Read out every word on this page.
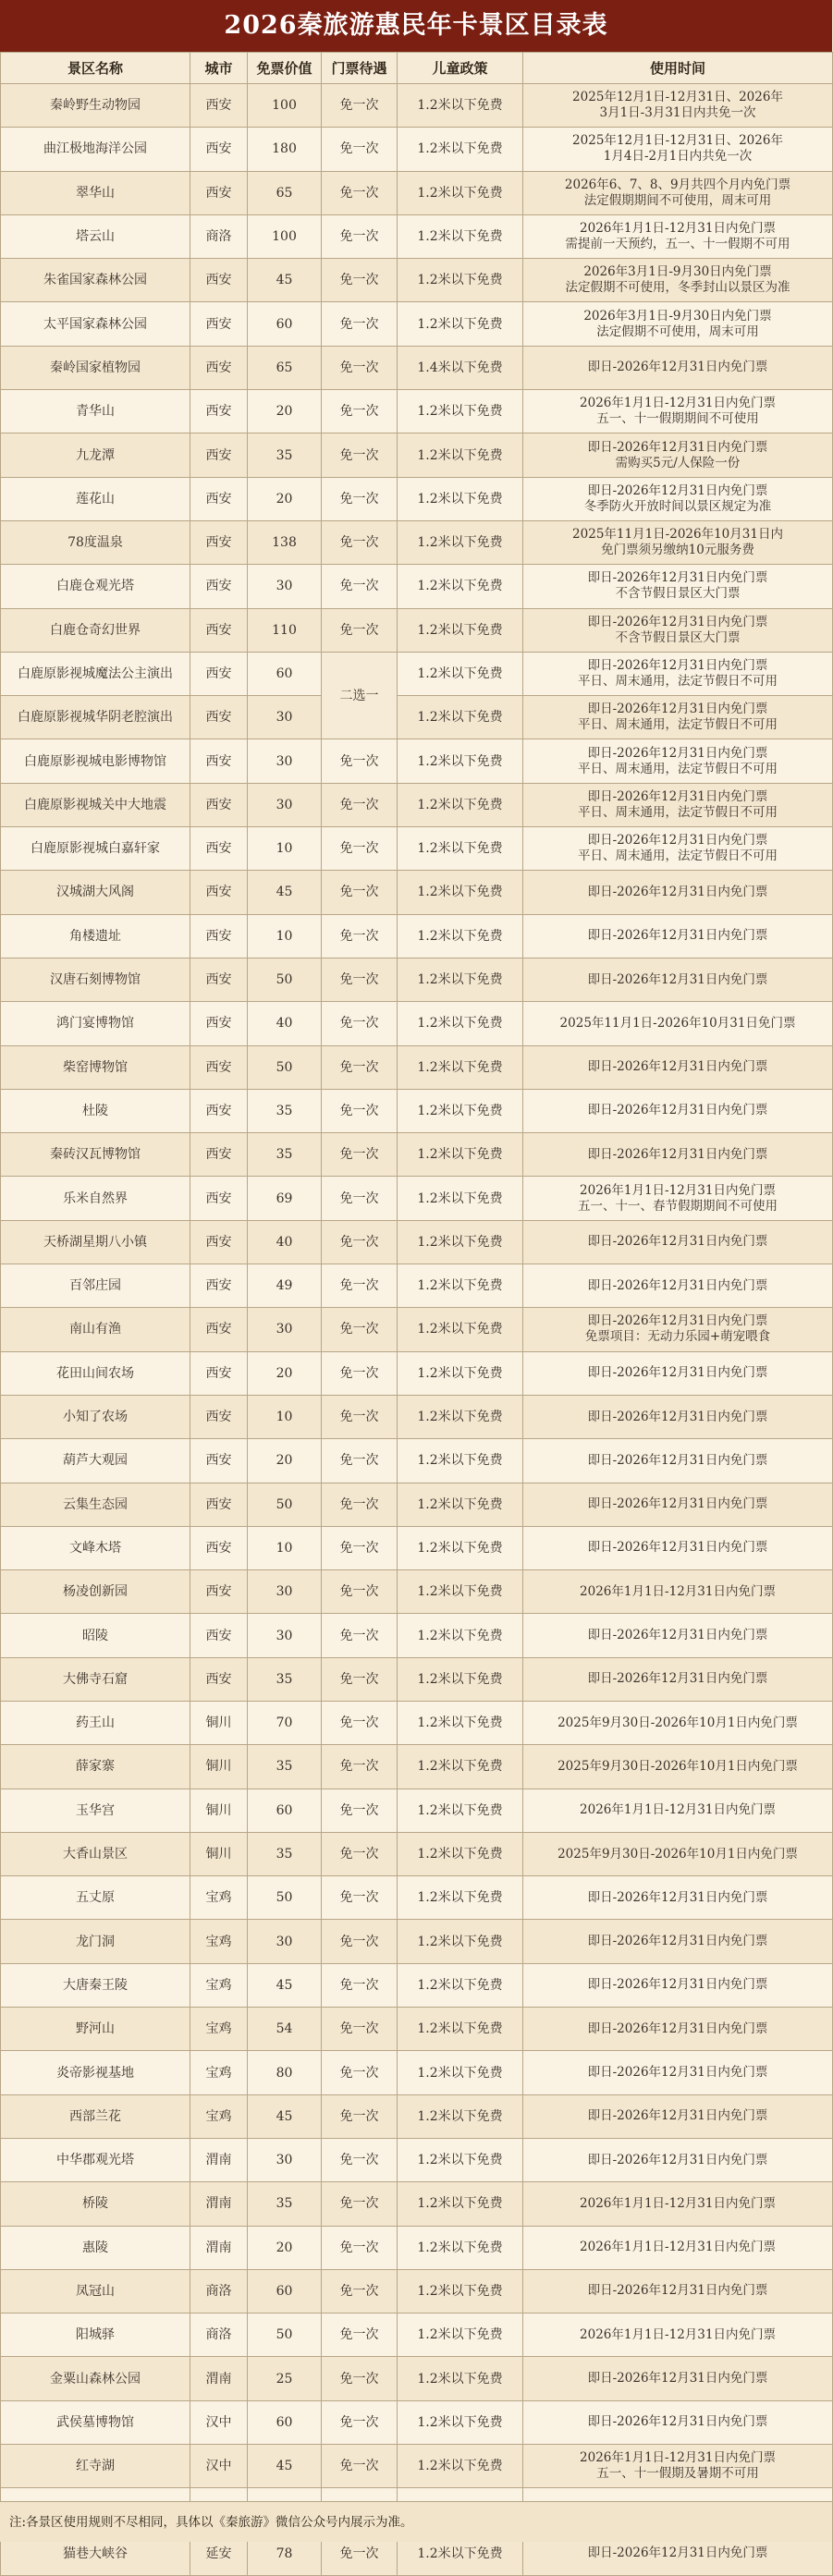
2026秦旅游惠民年卡景区目录表
景区名称	城市	免票价值	门票待遇	儿童政策	使用时间
秦岭野生动物园	西安	100	免一次	1.2米以下免费	2025年12月1日-12月31日、2026年
3月1日-3月31日内共免一次

曲江极地海洋公园	西安	180	免一次	1.2米以下免费	2025年12月1日-12月31日、2026年
1月4日-2月1日内共免一次

翠华山	西安	65	免一次	1.2米以下免费	2026年6、7、8、9月共四个月内免门票
法定假期期间不可使用，周末可用

塔云山	商洛	100	免一次	1.2米以下免费	2026年1月1日-12月31日内免门票
需提前一天预约，五一、十一假期不可用

朱雀国家森林公园	西安	45	免一次	1.2米以下免费	2026年3月1日-9月30日内免门票
法定假期不可使用，冬季封山以景区为准

太平国家森林公园	西安	60	免一次	1.2米以下免费	2026年3月1日-9月30日内免门票
法定假期不可使用，周末可用

秦岭国家植物园	西安	65	免一次	1.4米以下免费	即日-2026年12月31日内免门票

青华山	西安	20	免一次	1.2米以下免费	2026年1月1日-12月31日内免门票
五一、十一假期期间不可使用

九龙潭	西安	35	免一次	1.2米以下免费	即日-2026年12月31日内免门票
需购买5元/人保险一份

莲花山	西安	20	免一次	1.2米以下免费	即日-2026年12月31日内免门票
冬季防火开放时间以景区规定为准

78度温泉	西安	138	免一次	1.2米以下免费	2025年11月1日-2026年10月31日内
免门票须另缴纳10元服务费

白鹿仓观光塔	西安	30	免一次	1.2米以下免费	即日-2026年12月31日内免门票
不含节假日景区大门票

白鹿仓奇幻世界	西安	110	免一次	1.2米以下免费	即日-2026年12月31日内免门票
不含节假日景区大门票

白鹿原影视城魔法公主演出	西安	60	二选一	1.2米以下免费	即日-2026年12月31日内免门票
平日、周末通用，法定节假日不可用

白鹿原影视城华阴老腔演出	西安	30		1.2米以下免费	即日-2026年12月31日内免门票
平日、周末通用，法定节假日不可用

白鹿原影视城电影博物馆	西安	30	免一次	1.2米以下免费	即日-2026年12月31日内免门票
平日、周末通用，法定节假日不可用

白鹿原影视城关中大地震	西安	30	免一次	1.2米以下免费	即日-2026年12月31日内免门票
平日、周末通用，法定节假日不可用

白鹿原影视城白嘉轩家	西安	10	免一次	1.2米以下免费	即日-2026年12月31日内免门票
平日、周末通用，法定节假日不可用

汉城湖大风阁	西安	45	免一次	1.2米以下免费	即日-2026年12月31日内免门票

角楼遗址	西安	10	免一次	1.2米以下免费	即日-2026年12月31日内免门票

汉唐石刻博物馆	西安	50	免一次	1.2米以下免费	即日-2026年12月31日内免门票

鸿门宴博物馆	西安	40	免一次	1.2米以下免费	2025年11月1日-2026年10月31日免门票

柴窑博物馆	西安	50	免一次	1.2米以下免费	即日-2026年12月31日内免门票

杜陵	西安	35	免一次	1.2米以下免费	即日-2026年12月31日内免门票

秦砖汉瓦博物馆	西安	35	免一次	1.2米以下免费	即日-2026年12月31日内免门票

乐米自然界	西安	69	免一次	1.2米以下免费	2026年1月1日-12月31日内免门票
五一、十一、春节假期期间不可使用

天桥湖星期八小镇	西安	40	免一次	1.2米以下免费	即日-2026年12月31日内免门票

百邻庄园	西安	49	免一次	1.2米以下免费	即日-2026年12月31日内免门票

南山有渔	西安	30	免一次	1.2米以下免费	即日-2026年12月31日内免门票
免票项目：无动力乐园+萌宠喂食

花田山间农场	西安	20	免一次	1.2米以下免费	即日-2026年12月31日内免门票

小知了农场	西安	10	免一次	1.2米以下免费	即日-2026年12月31日内免门票

葫芦大观园	西安	20	免一次	1.2米以下免费	即日-2026年12月31日内免门票

云集生态园	西安	50	免一次	1.2米以下免费	即日-2026年12月31日内免门票

文峰木塔	西安	10	免一次	1.2米以下免费	即日-2026年12月31日内免门票

杨凌创新园	西安	30	免一次	1.2米以下免费	2026年1月1日-12月31日内免门票

昭陵	西安	30	免一次	1.2米以下免费	即日-2026年12月31日内免门票

大佛寺石窟	西安	35	免一次	1.2米以下免费	即日-2026年12月31日内免门票

药王山	铜川	70	免一次	1.2米以下免费	2025年9月30日-2026年10月1日内免门票

薛家寨	铜川	35	免一次	1.2米以下免费	2025年9月30日-2026年10月1日内免门票

玉华宫	铜川	60	免一次	1.2米以下免费	2026年1月1日-12月31日内免门票

大香山景区	铜川	35	免一次	1.2米以下免费	2025年9月30日-2026年10月1日内免门票

五丈原	宝鸡	50	免一次	1.2米以下免费	即日-2026年12月31日内免门票

龙门洞	宝鸡	30	免一次	1.2米以下免费	即日-2026年12月31日内免门票

大唐秦王陵	宝鸡	45	免一次	1.2米以下免费	即日-2026年12月31日内免门票

野河山	宝鸡	54	免一次	1.2米以下免费	即日-2026年12月31日内免门票

炎帝影视基地	宝鸡	80	免一次	1.2米以下免费	即日-2026年12月31日内免门票

西部兰花	宝鸡	45	免一次	1.2米以下免费	即日-2026年12月31日内免门票

中华郡观光塔	渭南	30	免一次	1.2米以下免费	即日-2026年12月31日内免门票

桥陵	渭南	35	免一次	1.2米以下免费	2026年1月1日-12月31日内免门票

惠陵	渭南	20	免一次	1.2米以下免费	2026年1月1日-12月31日内免门票

凤冠山	商洛	60	免一次	1.2米以下免费	即日-2026年12月31日内免门票

阳城驿	商洛	50	免一次	1.2米以下免费	2026年1月1日-12月31日内免门票

金粟山森林公园	渭南	25	免一次	1.2米以下免费	即日-2026年12月31日内免门票

武侯墓博物馆	汉中	60	免一次	1.2米以下免费	即日-2026年12月31日内免门票

红寺湖	汉中	45	免一次	1.2米以下免费	2026年1月1日-12月31日内免门票
五一、十一假期及暑期不可用

猫巷大峡谷	延安	78	免一次	1.2米以下免费	即日-2026年12月31日内免门票
注:各景区使用规则不尽相同，具体以《秦旅游》微信公众号内展示为准。
